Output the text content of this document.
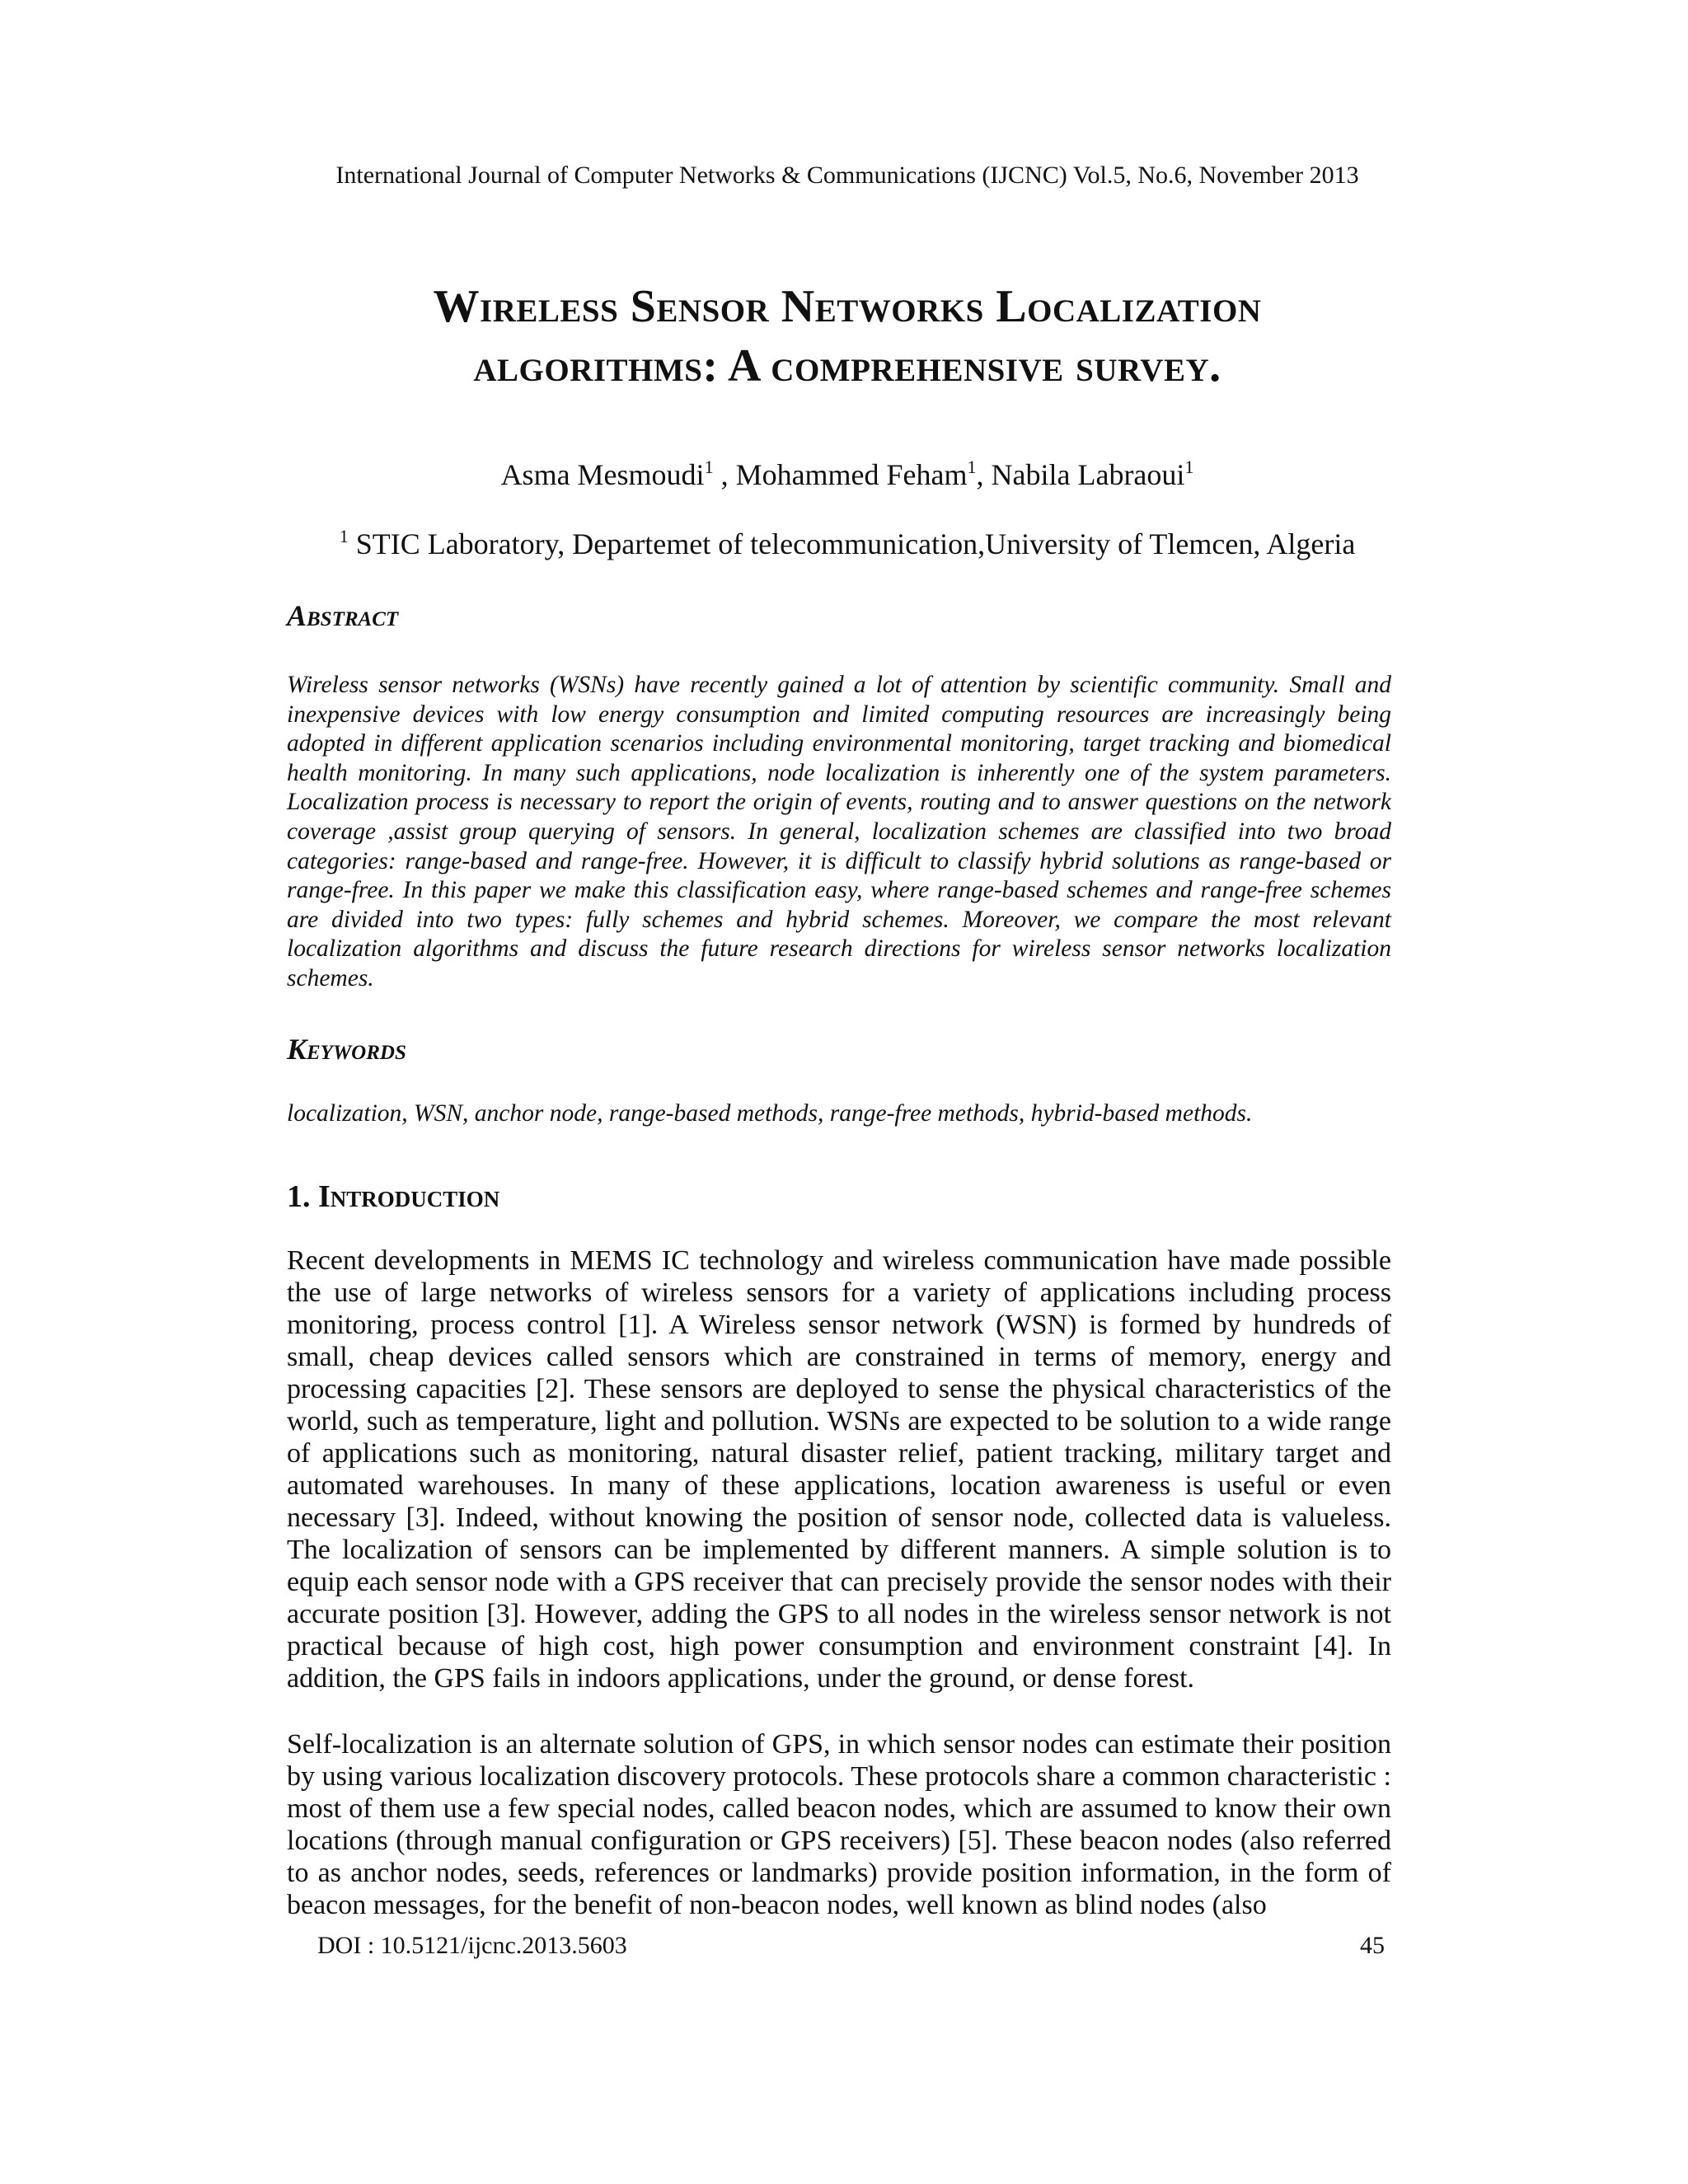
International Journal of Computer Networks & Communications (IJCNC) Vol.5, No.6, November 2013
Wireless Sensor Networks Localization
algorithms: A comprehensive survey.
Asma Mesmoudi$^1$ , Mohammed Feham$^1$, Nabila Labraoui$^1$
$^1$ STIC Laboratory, Departemet of telecommunication,University of Tlemcen, Algeria
Abstract
Wireless sensor networks (WSNs) have recently gained a lot of attention by scientific community. Small and inexpensive devices with low energy consumption and limited computing resources are increasingly being adopted in different application scenarios including environmental monitoring, target tracking and biomedical health monitoring. In many such applications, node localization is inherently one of the system parameters. Localization process is necessary to report the origin of events, routing and to answer questions on the network coverage ,assist group querying of sensors. In general, localization schemes are classified into two broad categories: range-based and range-free. However, it is difficult to classify hybrid solutions as range-based or range-free. In this paper we make this classification easy, where range-based schemes and range-free schemes are divided into two types: fully schemes and hybrid schemes. Moreover, we compare the most relevant localization algorithms and discuss the future research directions for wireless sensor networks localization schemes.
Keywords
localization, WSN, anchor node, range-based methods, range-free methods, hybrid-based methods.
1. Introduction
Recent developments in MEMS IC technology and wireless communication have made possible the use of large networks of wireless sensors for a variety of applications including process monitoring, process control [1]. A Wireless sensor network (WSN) is formed by hundreds of small, cheap devices called sensors which are constrained in terms of memory, energy and processing capacities [2]. These sensors are deployed to sense the physical characteristics of the world, such as temperature, light and pollution. WSNs are expected to be solution to a wide range of applications such as monitoring, natural disaster relief, patient tracking, military target and automated warehouses. In many of these applications, location awareness is useful or even necessary [3]. Indeed, without knowing the position of sensor node, collected data is valueless. The localization of sensors can be implemented by different manners. A simple solution is to equip each sensor node with a GPS receiver that can precisely provide the sensor nodes with their accurate position [3]. However, adding the GPS to all nodes in the wireless sensor network is not practical because of high cost, high power consumption and environment constraint [4]. In addition, the GPS fails in indoors applications, under the ground, or dense forest.
Self-localization is an alternate solution of GPS, in which sensor nodes can estimate their position by using various localization discovery protocols. These protocols share a common characteristic : most of them use a few special nodes, called beacon nodes, which are assumed to know their own locations (through manual configuration or GPS receivers) [5]. These beacon nodes (also referred to as anchor nodes, seeds, references or landmarks) provide position information, in the form of beacon messages, for the benefit of non-beacon nodes, well known as blind nodes (also
DOI : 10.5121/ijcnc.2013.5603	45
